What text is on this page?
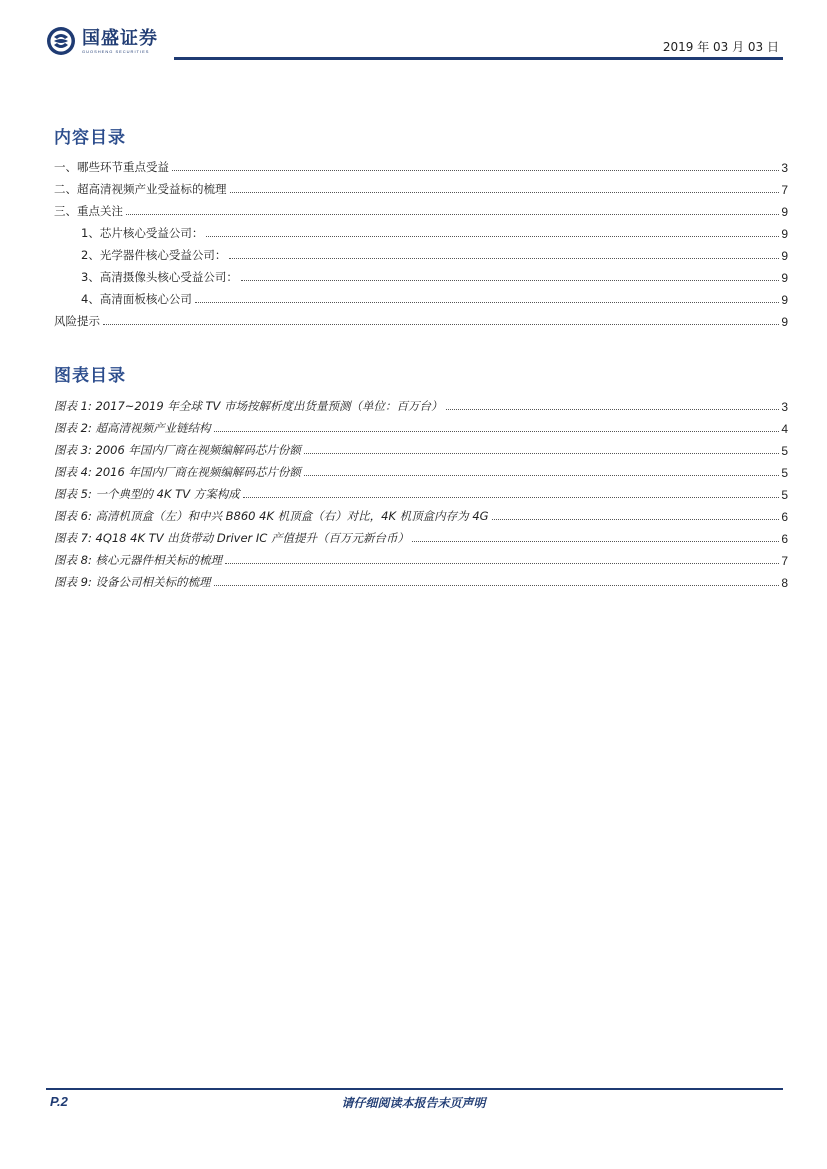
国盛证券
GUOSHENG SECURITIES	2019 年 03 月 03 日
内容目录
一、哪些环节重点受益	3
二、超高清视频产业受益标的梳理	7
三、重点关注	9
1、芯片核心受益公司：	9
2、光学器件核心受益公司：	9
3、高清摄像头核心受益公司：	9
4、高清面板核心公司	9
风险提示	9
图表目录
图表 1: 2017~2019 年全球 TV 市场按解析度出货量预测（单位：百万台）	3
图表 2: 超高清视频产业链结构	4
图表 3: 2006 年国内厂商在视频编解码芯片份额	5
图表 4: 2016 年国内厂商在视频编解码芯片份额	5
图表 5: 一个典型的 4K TV 方案构成	5
图表 6: 高清机顶盒（左）和中兴 B860 4K 机顶盒（右）对比，4K 机顶盒内存为 4G	6
图表 7: 4Q18 4K TV 出货带动 Driver IC 产值提升（百万元新台币）	6
图表 8: 核心元器件相关标的梳理	7
图表 9: 设备公司相关标的梳理	8
P.2	请仔细阅读本报告末页声明
